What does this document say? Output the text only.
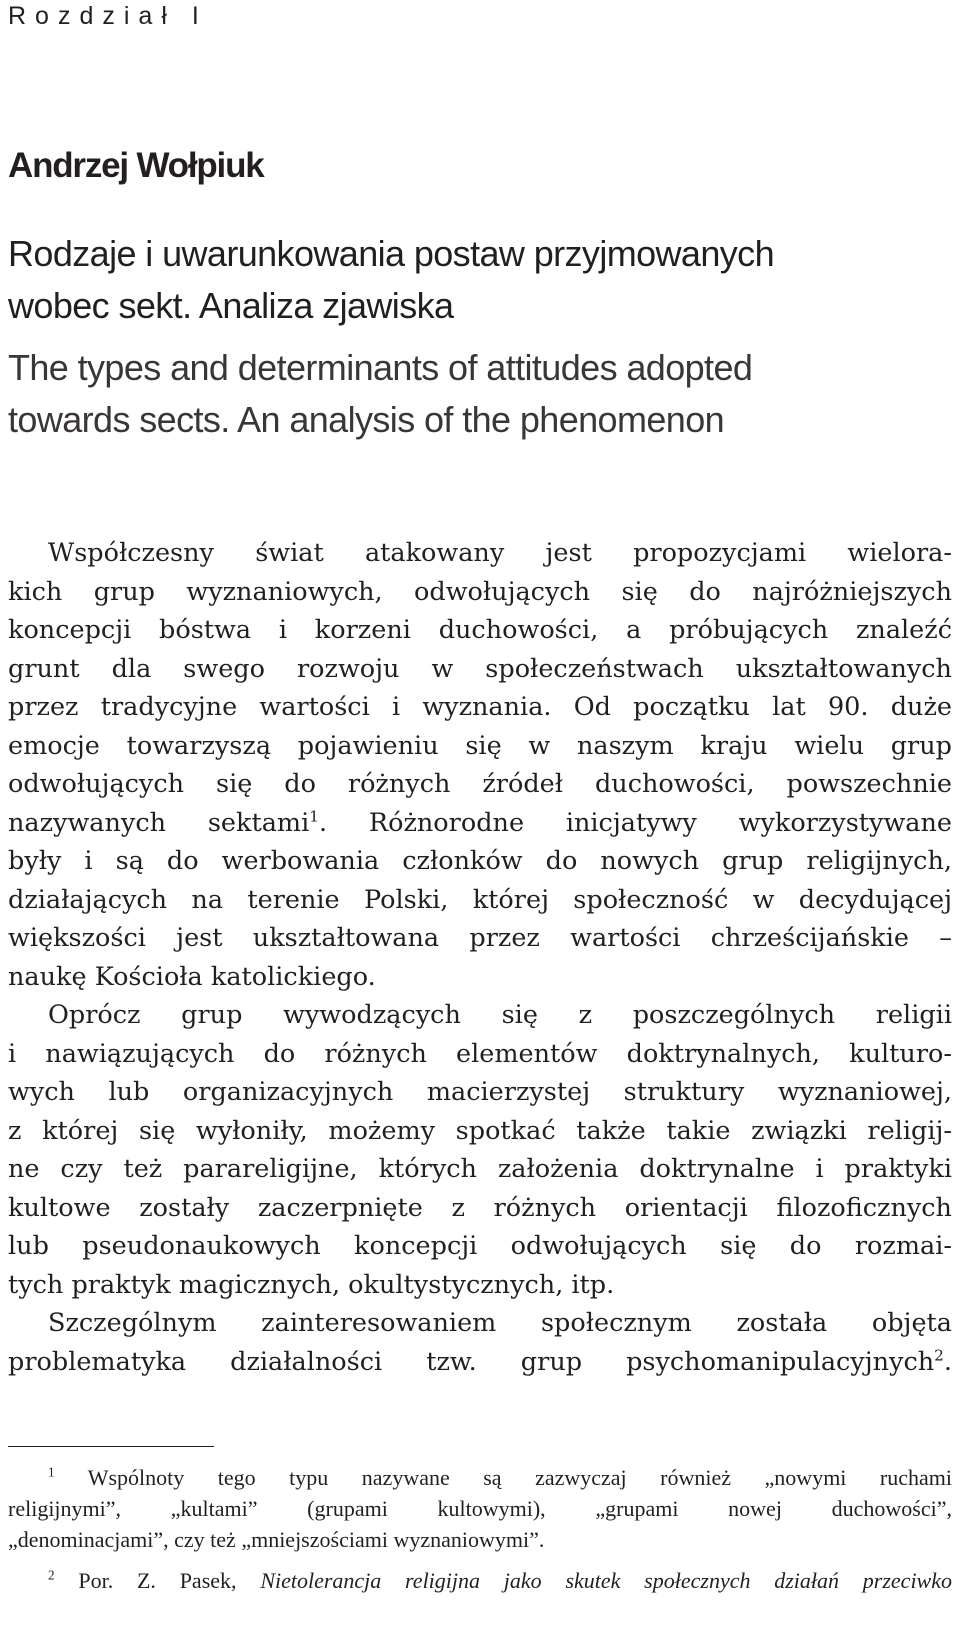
Rozdział I
Andrzej Wołpiuk
Rodzaje i uwarunkowania postaw przyjmowanych
wobec sekt. Analiza zjawiska
The types and determinants of attitudes adopted
towards sects. An analysis of the phenomenon
Współczesny świat atakowany jest propozycjami wielora-
kich grup wyznaniowych, odwołujących się do najróżniejszych
koncepcji bóstwa i korzeni duchowości, a próbujących znaleźć
grunt dla swego rozwoju w społeczeństwach ukształtowanych
przez tradycyjne wartości i wyznania. Od początku lat 90. duże
emocje towarzyszą pojawieniu się w naszym kraju wielu grup
odwołujących się do różnych źródeł duchowości, powszechnie
nazywanych sektami$^1$. Różnorodne inicjatywy wykorzystywane
były i są do werbowania członków do nowych grup religijnych,
działających na terenie Polski, której społeczność w decydującej
większości jest ukształtowana przez wartości chrześcijańskie –
naukę Kościoła katolickiego.
Oprócz grup wywodzących się z poszczególnych religii
i nawiązujących do różnych elementów doktrynalnych, kulturo-
wych lub organizacyjnych macierzystej struktury wyznaniowej,
z której się wyłoniły, możemy spotkać także takie związki religij-
ne czy też parareligijne, których założenia doktrynalne i praktyki
kultowe zostały zaczerpnięte z różnych orientacji filozoficznych
lub pseudonaukowych koncepcji odwołujących się do rozmai-
tych praktyk magicznych, okultystycznych, itp.
Szczególnym zainteresowaniem społecznym została objęta
problematyka działalności tzw. grup psychomanipulacyjnych$^2$.
$^1$ Wspólnoty tego typu nazywane są zazwyczaj również „nowymi ruchami
religijnymi”, „kultami” (grupami kultowymi), „grupami nowej duchowości”,
„denominacjami”, czy też „mniejszościami wyznaniowymi”.
$^2$ Por. Z. Pasek, Nietolerancja religijna jako skutek społecznych działań przeciwko
